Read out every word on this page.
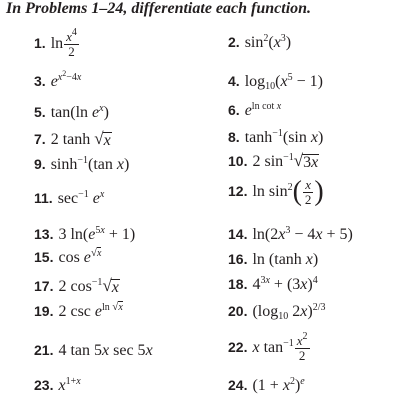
In Problems 1–24, differentiate each function.
1. $\ln \frac{x^4}{2}$
3. $e^{x^2-4x}$
5. tan(ln $e^x$)
7. 2 tanh √ x
9. $\sinh^{-1}(\tan$ x)
11. $\sec^{-1} e^x$
13. 3 $\ln(e^{5x} + 1)$
15. $\cos e^{√x}$
17. 2 $\cos^{-1}$ √ x
19. 2 $\csc e^{ln √x}$
21. 4 tan 5x sec 5x
23. $x^{1+x}$
2. $\sin^2(x^3)$
4. $\log_{10}(x^5 - 1)$
6. $e^{ln cot x}$
8. $\tanh^{-1}(\sin$ x)
10. 2 $\sin^{-1}$ √ 3x
12. $\ln \sin^2( \frac{x}{2}$ )
14. $\ln(2x^3 - 4x + 5)$
16. ln (tanh x)
18. $4^{3x} + (3x)^4$
20. ($\log_{10}$ 2x)$^{2/3}$
22. x $\tan^{-1} \frac{x^2}{2}$
24. $(1 + x^2)^e$
